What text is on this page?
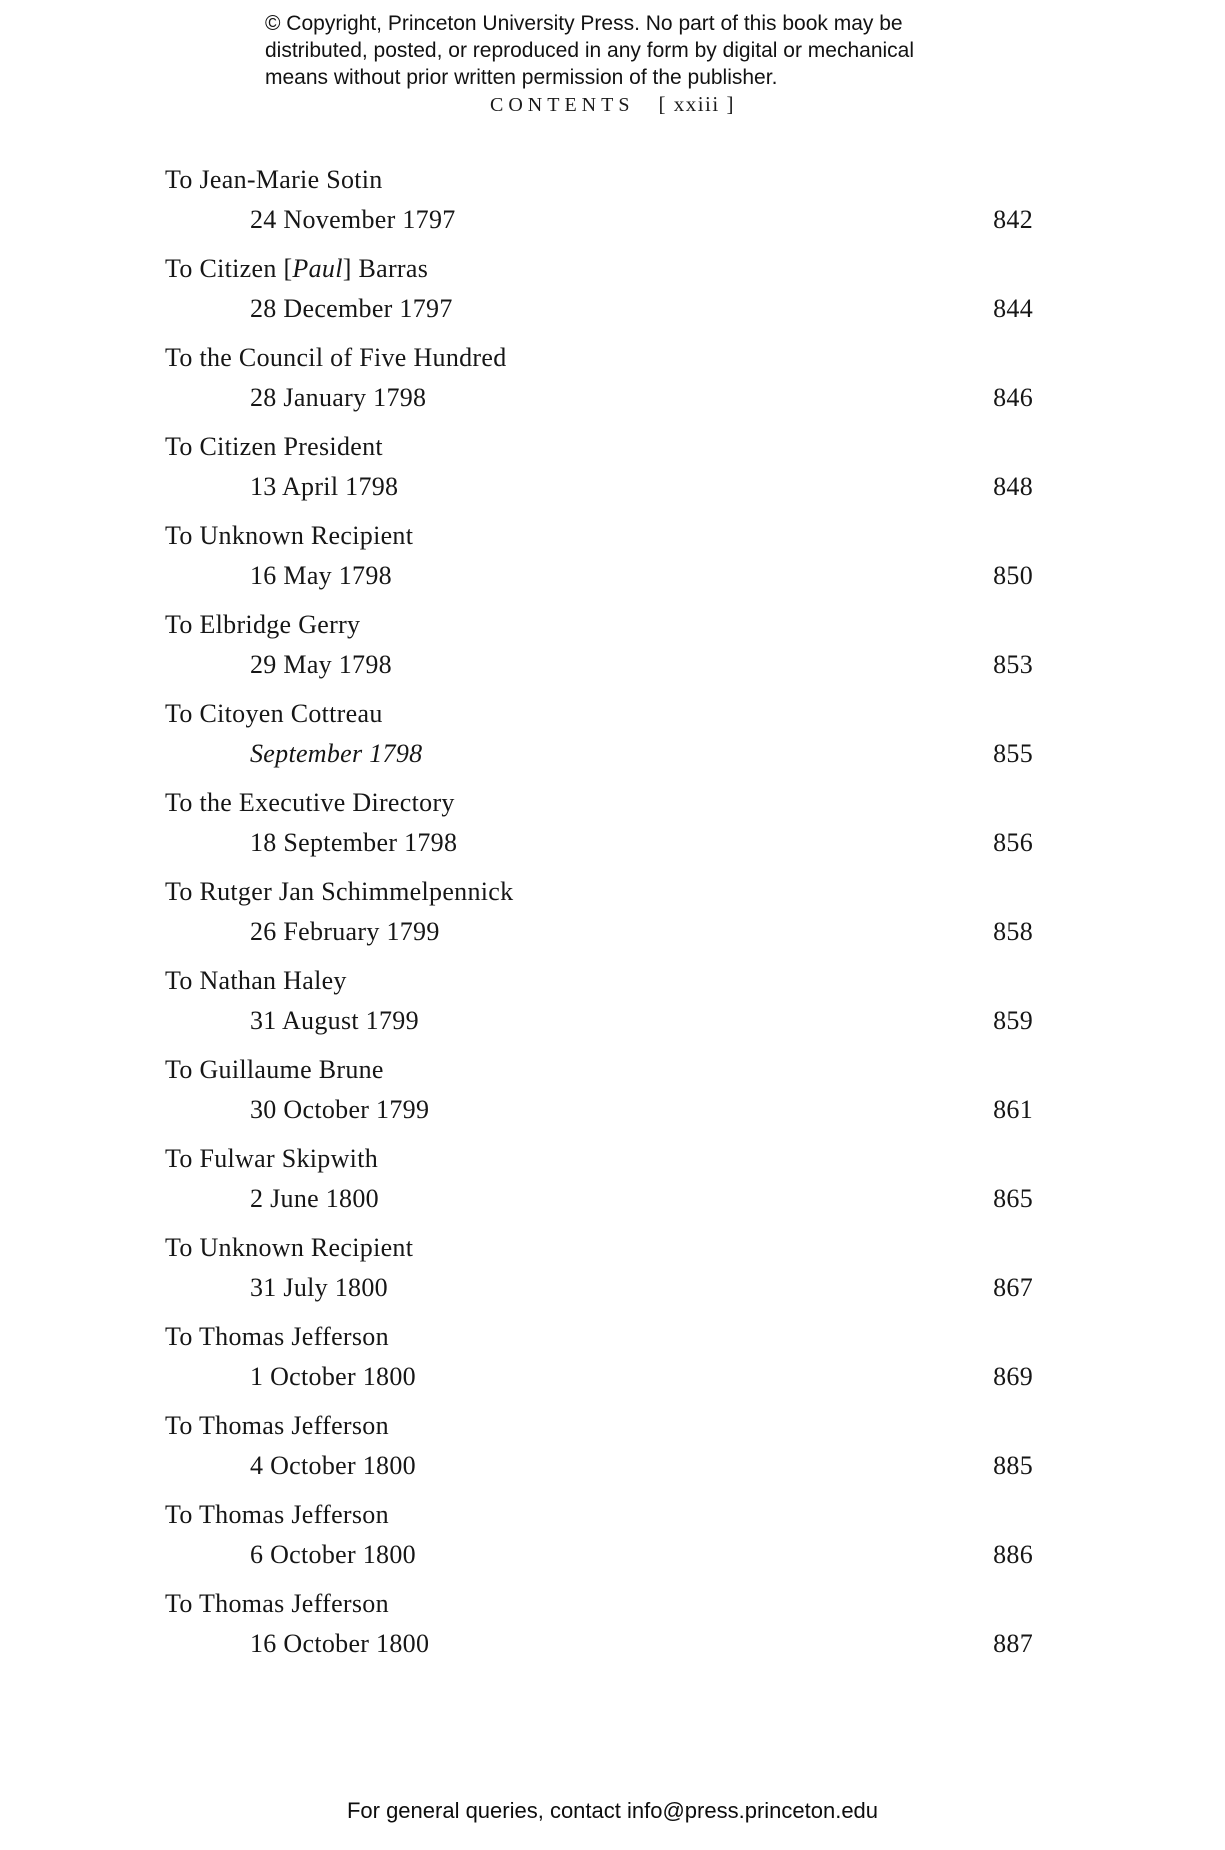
© Copyright, Princeton University Press. No part of this book may be
distributed, posted, or reproduced in any form by digital or mechanical
means without prior written permission of the publisher.
CONTENTS [ xxiii ]
To Jean-Marie Sotin
24 November 1797	842
To Citizen [Paul] Barras
28 December 1797	844
To the Council of Five Hundred
28 January 1798	846
To Citizen President
13 April 1798	848
To Unknown Recipient
16 May 1798	850
To Elbridge Gerry
29 May 1798	853
To Citoyen Cottreau
September 1798	855
To the Executive Directory
18 September 1798	856
To Rutger Jan Schimmelpennick
26 February 1799	858
To Nathan Haley
31 August 1799	859
To Guillaume Brune
30 October 1799	861
To Fulwar Skipwith
2 June 1800	865
To Unknown Recipient
31 July 1800	867
To Thomas Jefferson
1 October 1800	869
To Thomas Jefferson
4 October 1800	885
To Thomas Jefferson
6 October 1800	886
To Thomas Jefferson
16 October 1800	887
For general queries, contact info@press.princeton.edu
